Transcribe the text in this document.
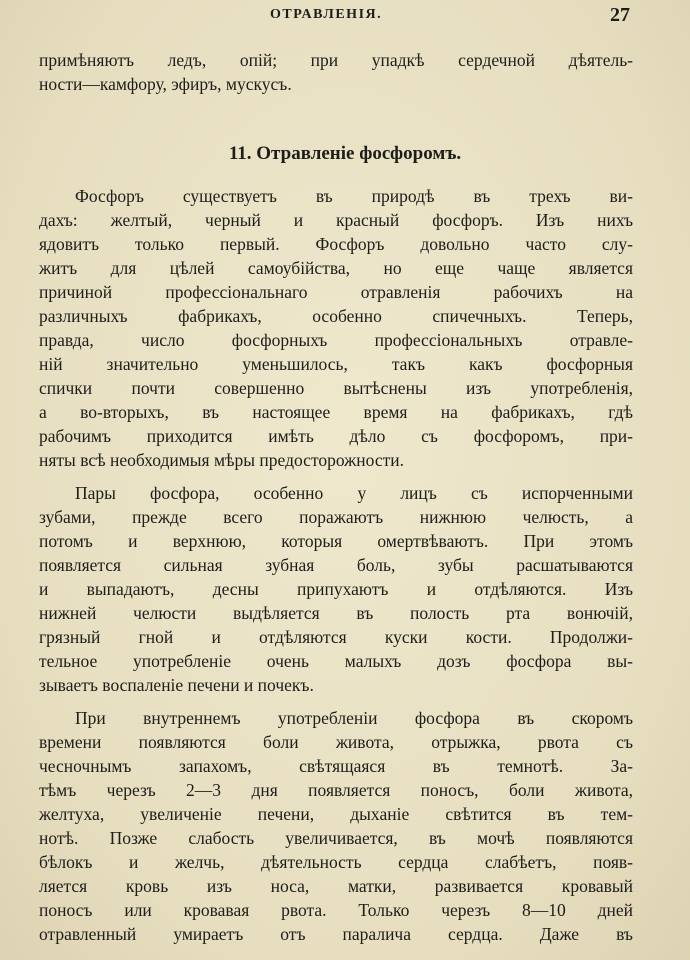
ОТРАВЛЕНІЯ.	27
примѣняютъ ледъ, опій; при упадкѣ сердечной дѣятель-
ности—камфору, эфиръ, мускусъ.
11. Отравленіе фосфоромъ.
Фосфоръ существуетъ въ природѣ въ трехъ ви-
дахъ: желтый, черный и красный фосфоръ. Изъ нихъ
ядовитъ только первый. Фосфоръ довольно часто слу-
житъ для цѣлей самоубійства, но еще чаще является
причиной профессіональнаго отравленія рабочихъ на
различныхъ фабрикахъ, особенно спичечныхъ. Теперь,
правда, число фосфорныхъ профессіональныхъ отравле-
ній значительно уменьшилось, такъ какъ фосфорныя
спички почти совершенно вытѣснены изъ употребленія,
а во-вторыхъ, въ настоящее время на фабрикахъ, гдѣ
рабочимъ приходится имѣть дѣло съ фосфоромъ, при-
няты всѣ необходимыя мѣры предосторожности.
Пары фосфора, особенно у лицъ съ испорченными
зубами, прежде всего поражаютъ нижнюю челюсть, а
потомъ и верхнюю, которыя омертвѣваютъ. При этомъ
появляется сильная зубная боль, зубы расшатываются
и выпадаютъ, десны припухаютъ и отдѣляются. Изъ
нижней челюсти выдѣляется въ полость рта вонючій,
грязный гной и отдѣляются куски кости. Продолжи-
тельное употребленіе очень малыхъ дозъ фосфора вы-
зываетъ воспаленіе печени и почекъ.
При внутреннемъ употребленіи фосфора въ скоромъ
времени появляются боли живота, отрыжка, рвота съ
чесночнымъ запахомъ, свѣтящаяся въ темнотѣ. За-
тѣмъ черезъ 2—3 дня появляется поносъ, боли живота,
желтуха, увеличеніе печени, дыханіе свѣтится въ тем-
нотѣ. Позже слабость увеличивается, въ мочѣ появляются
бѣлокъ и желчь, дѣятельность сердца слабѣетъ, появ-
ляется кровь изъ носа, матки, развивается кровавый
поносъ или кровавая рвота. Только черезъ 8—10 дней
отравленный умираетъ отъ паралича сердца. Даже въ
